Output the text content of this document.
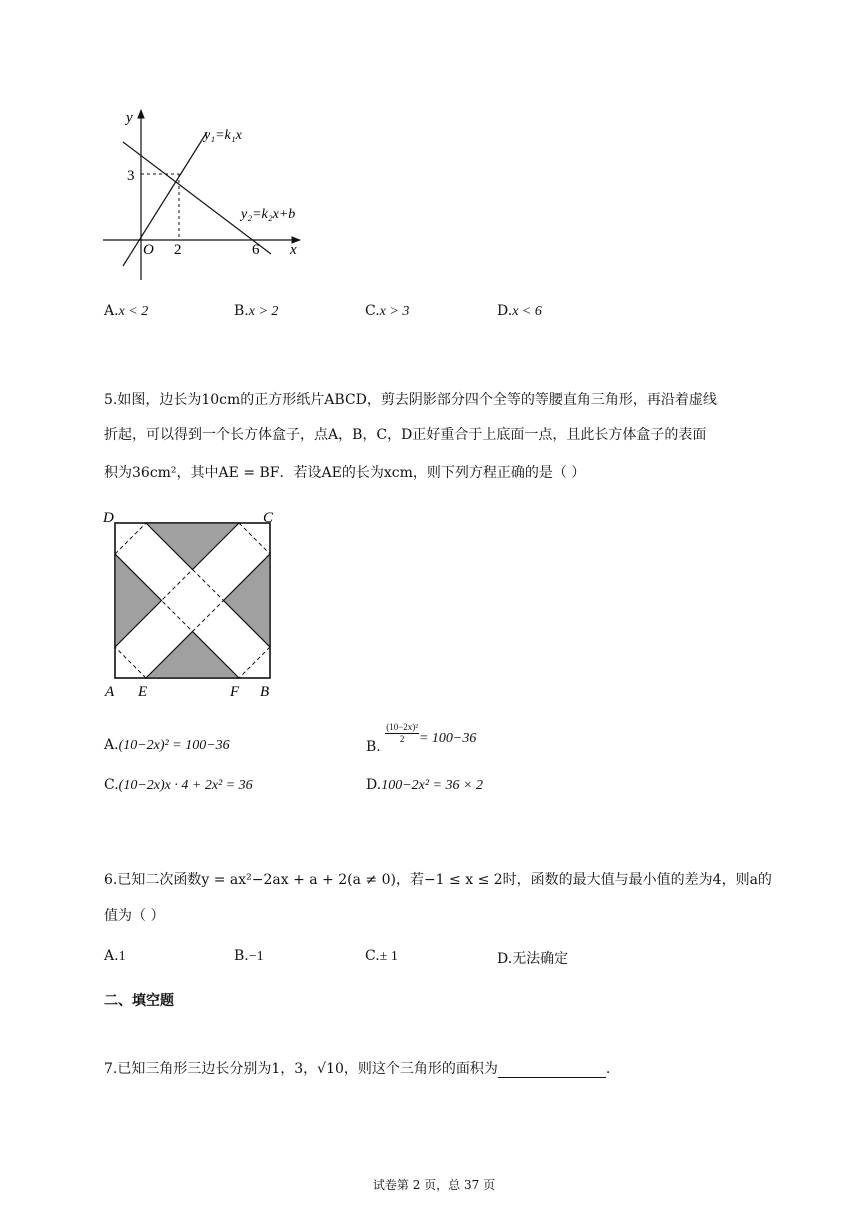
y
x
O
3
2	6
y₁=k₁x
y₂=k₂x+b
A.x < 2	B.x > 2	C.x > 3	D.x < 6
5.如图，边长为10cm的正方形纸片ABCD，剪去阴影部分四个全等的等腰直角三角形，再沿着虚线
折起，可以得到一个长方体盒子，点A，B，C，D正好重合于上底面一点，且此长方体盒子的表面
积为36cm²，其中AE = BF．若设AE的长为xcm，则下列方程正确的是（ ）
D	C
A E	F B
A.(10−2x)² = 100−36	B.
$\frac{\text{(10−2x)²}}{2} = 100-36$
C.(10−2x)x · 4 + 2x² = 36	D.100−2x² = 36 × 2
6.已知二次函数y = ax²−2ax + a + 2(a ≠ 0)，若−1 ≤ x ≤ 2时，函数的最大值与最小值的差为4，则a的
值为（ ）
A.1	B.−1	C.± 1	D.无法确定
二、填空题
7.已知三角形三边长分别为1，3，√10，则这个三角形的面积为	.
试卷第 2 页，总 37 页
